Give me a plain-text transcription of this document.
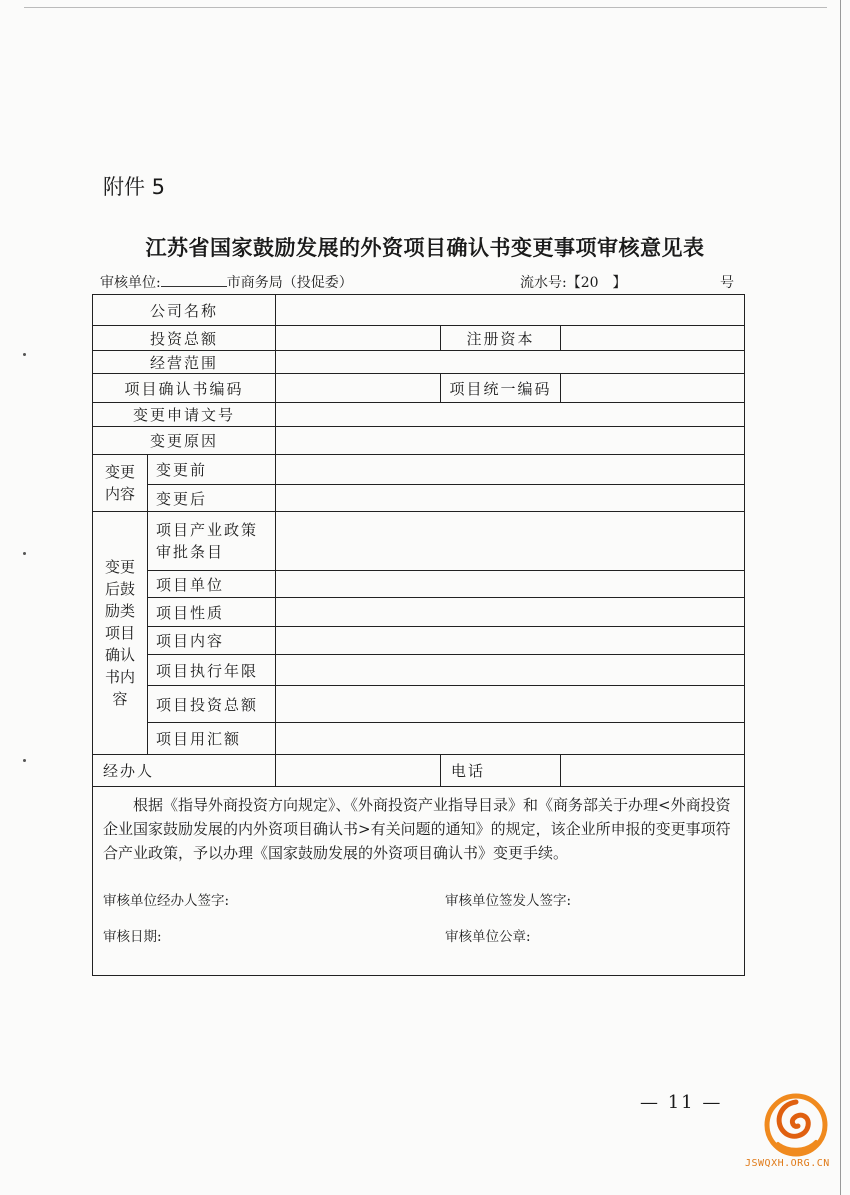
附件 5
江苏省国家鼓励发展的外资项目确认书变更事项审核意见表
审核单位:	市商务局（投促委）	流水号:【20　】	号
公司名称				
投资总额			注册资本	
经营范围				
项目确认书编码			项目统一编码	
变更申请文号				
变更原因				
变更内容	变更前			
	变更后			
变更后鼓励类项目确认书内容	项目产业政策审批条目			
	项目单位			
	项目性质			
	项目内容			
	项目执行年限			
	项目投资总额			
	项目用汇额			
经办人			电话	

根据《指导外商投资方向规定》、《外商投资产业指导目录》和《商务部关于办理<外商投资企业国家鼓励发展的内外资项目确认书>有关问题的通知》的规定，该企业所申报的变更事项符合产业政策，予以办理《国家鼓励发展的外资项目确认书》变更手续。

审核单位经办人签字: 审核单位签发人签字:
审核日期: 审核单位公章:				
— 11 —
JSWQXH.ORG.CN
